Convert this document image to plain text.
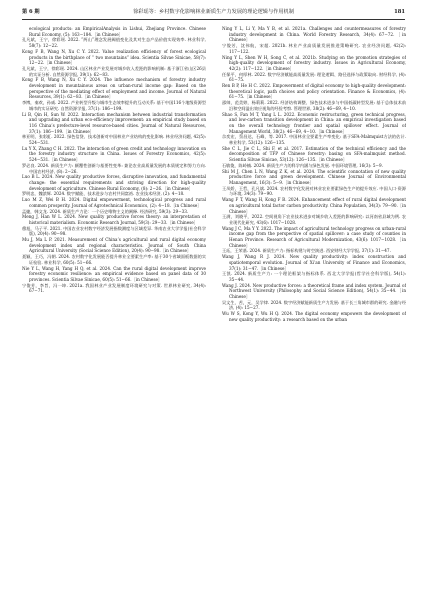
第 6 期	徐彩瑶等：乡村数字化影响林业新质生产力发展的理论逻辑与作用机制	181

ecological products: an EmpiricalAnalysis in Lishui, Zhejiang Province. Chinese Rural Economy, (5): 163−184.［in Chinese］

孔凡斌，王宁，徐彩瑶. 2022. “两山”理念发展阈值变化及其对生态产品价值实现效率. 林业科学, 58(7): 12−22.

Kong F B, Wang N, Xu C Y. 2022. Value realization efficiency of forest ecological products in the birthplace of “ two mountains” idea. Scientia Silvae Sinicae, 58(7): 12−22.［in Chinese］

孔凡斌，王宁，徐彩瑶. 2024. 山区林业产业发展对城乡收入差距的影响机制: 基于浙江省山区26县的实证分析. 自然资源学报, 39(1): 62−83.

Kong F B, Wang N, Xu C Y. 2024. The influence mechanism of forestry industry development in mountainous areas on urban-rural income gap: Based on the perspective of the mediating effect of employment and income. Journal of Natural Resources, 39(1): 62−83.［in Chinese］

李博，秦欢，孙威. 2022. 产业转型升级与城市生态效率提升的互动关系: 基于中国116个地级资源型城市的实证研究. 自然资源学报, 37(1): 186−199.

Li B, Qin H, Sun W. 2022. Interaction mechanism between industrial transformation and upgrading and urban eco-efficiency improvement: an empirical study based on 116 China’s prefecture-level resource-based cities. Journal of Natural Resources, 37(1): 186−199.［in Chinese］

林亚明，张彩虹. 2022. 绿色信贷、技术创新对中国林业产业结构的变化影响. 林业经济问题, 42(5): 524−531.

Lu Y X, Zhang C H. 2022. The interaction of green credit and technology innovation on the forestry industry structure in China. Issues of Forestry Economics, 42(5): 524−531.［in Chinese］

罗必良. 2024. 新质生产力: 颠覆性创新与基要性变革: 兼论农业高质量发展的本质规定和努力方向. 中国农村经济, (8): 2−26.

Luo B L. 2024. New quality productive forces, disruptive innovation, and fundamental change: the essential requirements and striving direction for high-quality development of agriculture. Chinese Rural Economy, (8): 2−26.［in Chinese］

罗明忠，魏滨辉. 2024. 数字赋能、技术进步与农村共同富裕. 农业技术经济, (2): 4−18.

Luo M Z, Wei B H. 2024. Digital empowerment, technological progress and rural common prosperity. Journal of Agrotechnical Economics, (2): 4−18.［in Chinese］

孟捷，韩文龙. 2024. 新质生产力论：一个历史唯物主义的阐释. 经济研究, 59(3): 29−33.

Meng J, Han W L. 2024. New quality productive forces theory: an interpretation of historical materialism. Economic Research Journal, 59(3): 29−33.［in Chinese］

穆旭，马子平. 2021. 中国农业农村数字经济发展指数测度与区域差异. 华南农业大学学报(社会科学版), 20(4): 90−98.

Mu J, Ma L P. 2021. Measurement of China’s agricultural and rural digital economy development index and regional characteristics. Journal of South China Agricultural University (Social Science Edition), 20(4): 90−98.［in Chinese］

聂颖，王巧，冯朝. 2024. 农村数字化发展能否提升林业全要素生产率: 基于30个省域面板数据的实证检验. 林业科学, 60(5): 51−66.

Nie Y L, Wang H, Yang H Q, et al. 2024. Can the rural digital development improve forestry economic resilience: an empirical evidence based on panel data of 30 provinces. Scientia Silvae Sinicae, 60(5): 51−66.［in Chinese］

宁俊芳，李旨，冯一坤. 2021a. 我国林业产业发展制度环境研究与对策. 世界林业研究, 34(4): 67−71.

Ning Y L, Li Y, Ma Y B, et al. 2021a. Challenges and countermeasures of forestry industry development in China. World Forestry Research, 34(4): 67−72.［in Chinese］

宁俊芳，沈伟航，宋超. 2021b. 林业产业高质量发展推进策略研究. 农业经济问题, 42(2): 117−122.

Ning Y L, Shen W H, Song C, et al. 2021b. Studying on the promotion strategies of high-quality development of forestry industry. Issues in Agricultural Economy, 42(2): 117−122.［in Chinese］

任保平，何厚林. 2022. 数字经济赋能高质量发展: 理论逻辑、路径选择与政策取向. 财经科学, (4): 61−75.

Ren B P, He H C. 2022. Empowerment of digital economy to high-quality development: theoretical logic, path choices and policy orientation. Finance & Economics, (4): 61−75.［in Chinese］

邵帅，范美婷，杨莉莉. 2022. 经济结构调整、绿色技术进步与中国低碳转型发展: 基于总体技术前沿和空间溢出效应视角的经验考察. 管理世界, 38(2): 46−69, 4−10.

Shao S, Fan M T, Yang L L. 2022. Economic restructuring, green technical progress, and low-carbon transition development in China: an empirical investigation based on the overall technology frontier and spatial spillover effect. Journal of Management World, 38(2): 46−69, 4−10.［in Chinese］

佘奕宏，蔡昌达，石峰，等. 2017. 中国林业全要素生产率变化: 基于SFA-Malmquist方法的估计. 林业科学, 53(12): 126−135.

She C L, Jie C L, Shi F, et al. 2017. Estimation of the technical efficiency and the decomposition of TFP of Chinese forestry: basing on SFA-malmquist method. Scientia Silvae Sinicae, 53(12): 126−135.［in Chinese］

石敏俊，陈岭楠. 2024. 新质生产力的科学内涵与绿色发展. 中国环境管理, 16(3): 5−9.

Shi M J, Chen L N, Wang Z K, et al. 2024. The scientific connotation of new quality productive force and green development. Chinese Journal of Environmental Management, 16(3): 5−9.［in Chinese］

王凤娇，王哲，孔凡斌. 2024. 农村数字化发展对林业农业要素绿色生产的提升效应. 中国人口·资源与环境, 34(3): 79−90.

Wang F T, Wang H, Kong F B. 2024. Enhancement effect of rural digital development on agricultural total factor carbon productivity. China Population, 34(3): 79−90.［in Chinese］

王满，刘晓平，2022. 空间视角下农业技术进步对城乡收入差距的影响研究: 以河南省县域为例. 农业现代化研究, 43(6): 1017−1028.

Wang J C, Ma Y Y. 2022. The impact of agricultural technology progress on urban-rural income gap from the perspective of spatial spillover: a case study of counties in Henan Province. Research of Agricultural Modernization, 43(6): 1017−1028.［in Chinese］

王珏，王荣基. 2024. 新质生产力: 指标构建与时空演进. 西安财经大学学报, 37(1): 31−47.

Wang J, Wang R J. 2024. New quality productivity: index construction and spatiotemporal evolution. Journal of Xi’an University of Finance and Economics, 37(1): 31−47.［in Chinese］

王凯. 2024. 新质生产力: 一个理论框架与指标体系. 西北大学学报(哲学社会科学版), 54(1): 35−44.

Wang J. 2024. New productive forces: a theoretical frame and index system. Journal of Northwest University (Philosophy and Social Science Edition), 54(1): 35−44.［in Chinese］

吴文生，苦，元，吴学律. 2024. 数字经济赋能新质生产力发展: 基于长三角城市群的研究. 金融与经济, (4): 15−27.

Wu W S, Kong Y, Wu H Q. 2024. The digital economy empowers the development of new quality productivity: a research based on the urban
